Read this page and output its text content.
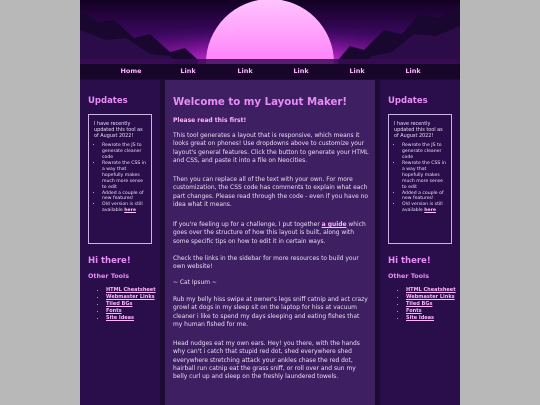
Home	Link	Link	Link	Link	Link
Updates

I have recently updated this tool as of August 2022!

• Rewrote the JS to generate cleaner code
• Rewrote the CSS in a way that hopefully makes much more sense to edit
• Added a couple of new features!
• Old version is still available here
Hi there!
Other Tools
• HTML Cheatsheet
• Webmaster Links
• Tiled BGs
• Fonts
• Site Ideas
Welcome to my Layout Maker!
Please read this first!

This tool generates a layout that is responsive, which means it looks great on phones! Use dropdowns above to customize your layout's general features. Click the button to generate your HTML and CSS, and paste it into a file on Neocities.

Then you can replace all of the text with your own. For more customization, the CSS code has comments to explain what each part changes. Please read through the code - even if you have no idea what it means.

If you're feeling up for a challenge, I put together a guide which goes over the structure of how this layout is built, along with some specific tips on how to edit it in certain ways.

Check the links in the sidebar for more resources to build your own website!

~ Cat Ipsum ~

Rub my belly hiss swipe at owner's legs sniff catnip and act crazy growl at dogs in my sleep sit on the laptop for hiss at vacuum cleaner i like to spend my days sleeping and eating fishes that my human fished for me.

Head nudges eat my own ears. Hey! you there, with the hands why can't i catch that stupid red dot, shed everywhere shed everywhere stretching attack your ankles chase the red dot, hairball run catnip eat the grass sniff, or roll over and sun my belly curl up and sleep on the freshly laundered towels.

Updates

I have recently updated this tool as of August 2022!

• Rewrote the JS to generate cleaner code
• Rewrote the CSS in a way that hopefully makes much more sense to edit
• Added a couple of new features!
• Old version is still available here
Hi there!
Other Tools
• HTML Cheatsheet
• Webmaster Links
• Tiled BGs
• Fonts
• Site Ideas
